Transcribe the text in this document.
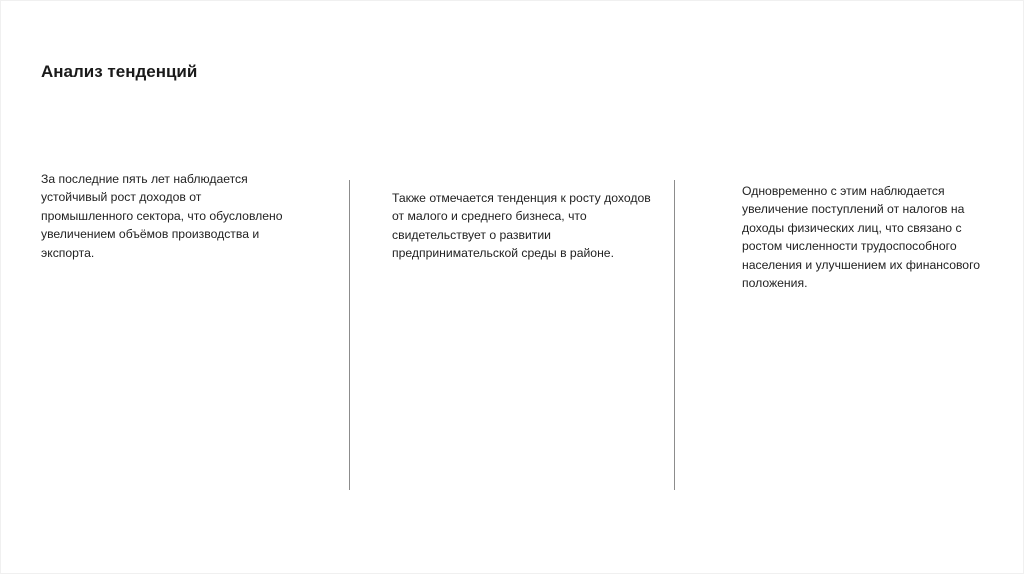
Анализ тенденций

За последние пять лет наблюдается устойчивый рост доходов от промышленного сектора, что обусловлено увеличением объёмов производства и экспорта.

Также отмечается тенденция к росту доходов от малого и среднего бизнеса, что свидетельствует о развитии предпринимательской среды в районе.

Одновременно с этим наблюдается увеличение поступлений от налогов на доходы физических лиц, что связано с ростом численности трудоспособного населения и улучшением их финансового положения.
